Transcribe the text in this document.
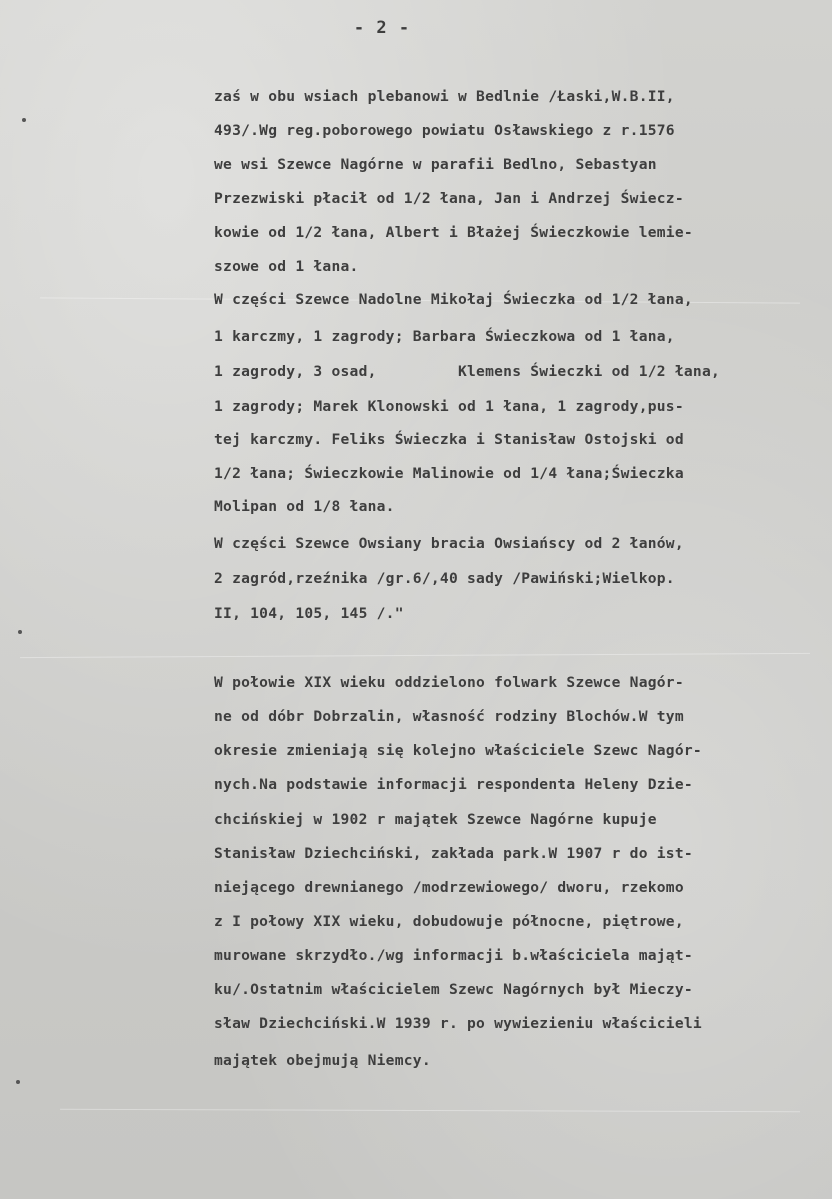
- 2 -
zaś w obu wsiach plebanowi w Bedlnie /Łaski,W.B.II,
493/.Wg reg.poborowego powiatu Osławskiego z r.1576
we wsi Szewce Nagórne w parafii Bedlno, Sebastyan
Przezwiski płacił od 1/2 łana, Jan i Andrzej Świecz-
kowie od 1/2 łana, Albert i Błażej Świeczkowie lemie-
szowe od 1 łana.
W części Szewce Nadolne Mikołaj Świeczka od 1/2 łana,
1 karczmy, 1 zagrody; Barbara Świeczkowa od 1 łana,
1 zagrody, 3 osad,         Klemens Świeczki od 1/2 łana,
1 zagrody; Marek Klonowski od 1 łana, 1 zagrody,pus-
tej karczmy. Feliks Świeczka i Stanisław Ostojski od
1/2 łana; Świeczkowie Malinowie od 1/4 łana;Świeczka
Molipan od 1/8 łana.
W części Szewce Owsiany bracia Owsiańscy od 2 łanów,
2 zagród,rzeźnika /gr.6/,40 sady /Pawiński;Wielkop.
II, 104, 105, 145 /."
W połowie XIX wieku oddzielono folwark Szewce Nagór-
ne od dóbr Dobrzalin, własność rodziny Blochów.W tym
okresie zmieniają się kolejno właściciele Szewc Nagór-
nych.Na podstawie informacji respondenta Heleny Dzie-
chcińskiej w 1902 r majątek Szewce Nagórne kupuje
Stanisław Dziechciński, zakłada park.W 1907 r do ist-
niejącego drewnianego /modrzewiowego/ dworu, rzekomo
z I połowy XIX wieku, dobudowuje północne, piętrowe,
murowane skrzydło./wg informacji b.właściciela mająt-
ku/.Ostatnim właścicielem Szewc Nagórnych był Mieczy-
sław Dziechciński.W 1939 r. po wywiezieniu właścicieli
majątek obejmują Niemcy.
